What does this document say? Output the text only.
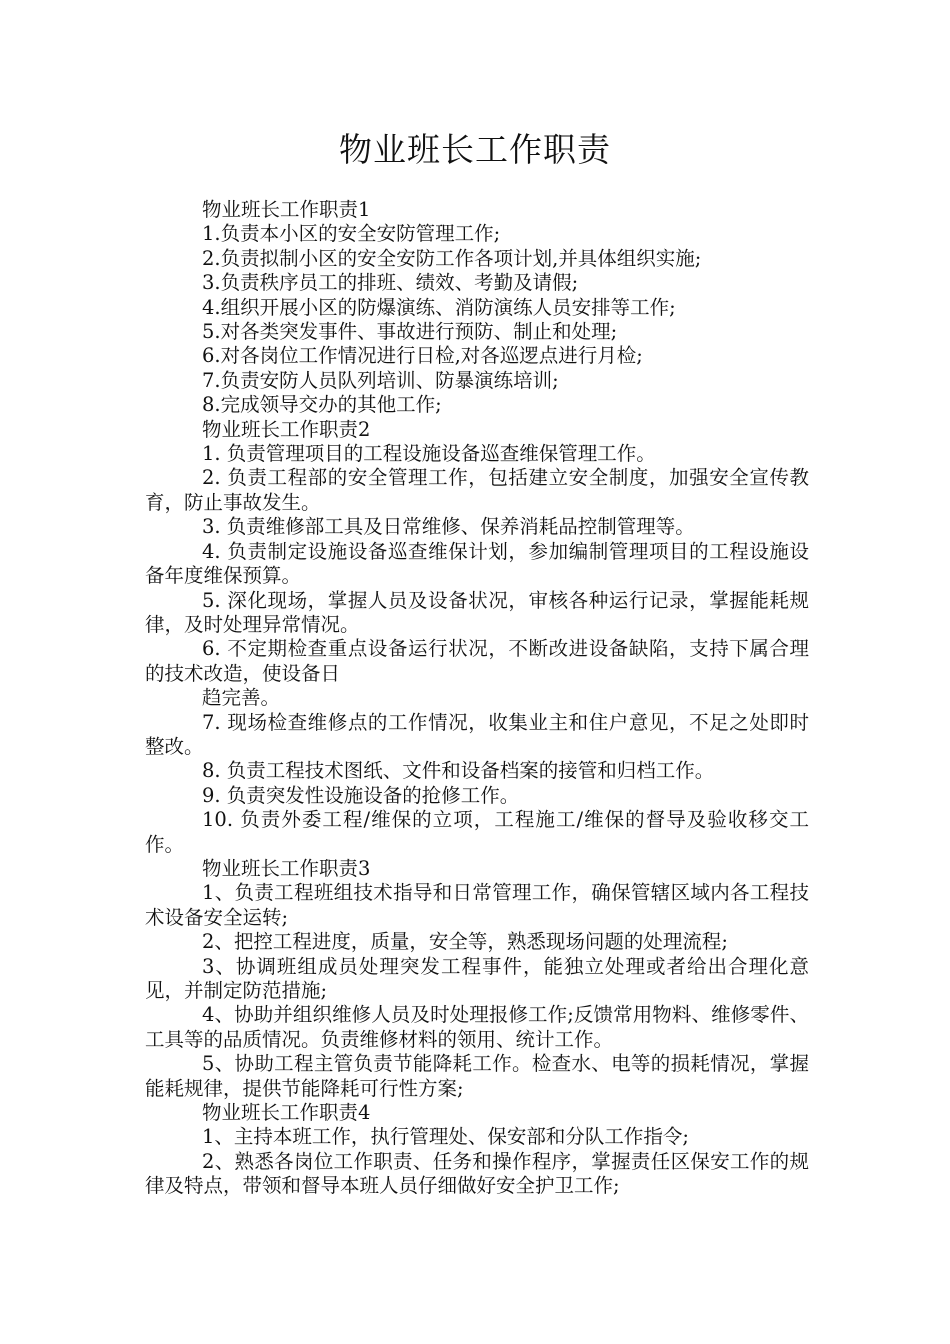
物业班长工作职责

物业班长工作职责1

1.负责本小区的安全安防管理工作;

2.负责拟制小区的安全安防工作各项计划,并具体组织实施;

3.负责秩序员工的排班、绩效、考勤及请假;

4.组织开展小区的防爆演练、消防演练人员安排等工作;

5.对各类突发事件、事故进行预防、制止和处理;

6.对各岗位工作情况进行日检,对各巡逻点进行月检;

7.负责安防人员队列培训、防暴演练培训;

8.完成领导交办的其他工作;

物业班长工作职责2

1. 负责管理项目的工程设施设备巡查维保管理工作。

2. 负责工程部的安全管理工作，包括建立安全制度，加强安全宣传教育，防止事故发生。

3. 负责维修部工具及日常维修、保养消耗品控制管理等。

4. 负责制定设施设备巡查维保计划，参加编制管理项目的工程设施设备年度维保预算。

5. 深化现场，掌握人员及设备状况，审核各种运行记录，掌握能耗规律，及时处理异常情况。

6. 不定期检查重点设备运行状况，不断改进设备缺陷，支持下属合理的技术改造，使设备日

趋完善。

7. 现场检查维修点的工作情况，收集业主和住户意见，不足之处即时整改。

8. 负责工程技术图纸、文件和设备档案的接管和归档工作。

9. 负责突发性设施设备的抢修工作。

10. 负责外委工程/维保的立项，工程施工/维保的督导及验收移交工作。

物业班长工作职责3

1、负责工程班组技术指导和日常管理工作，确保管辖区域内各工程技术设备安全运转;

2、把控工程进度，质量，安全等，熟悉现场问题的处理流程;

3、协调班组成员处理突发工程事件，能独立处理或者给出合理化意见，并制定防范措施;

4、协助并组织维修人员及时处理报修工作;反馈常用物料、维修零件、工具等的品质情况。负责维修材料的领用、统计工作。

5、协助工程主管负责节能降耗工作。检查水、电等的损耗情况，掌握能耗规律，提供节能降耗可行性方案;

物业班长工作职责4

1、主持本班工作，执行管理处、保安部和分队工作指令;

2、熟悉各岗位工作职责、任务和操作程序，掌握责任区保安工作的规律及特点，带领和督导本班人员仔细做好安全护卫工作;
